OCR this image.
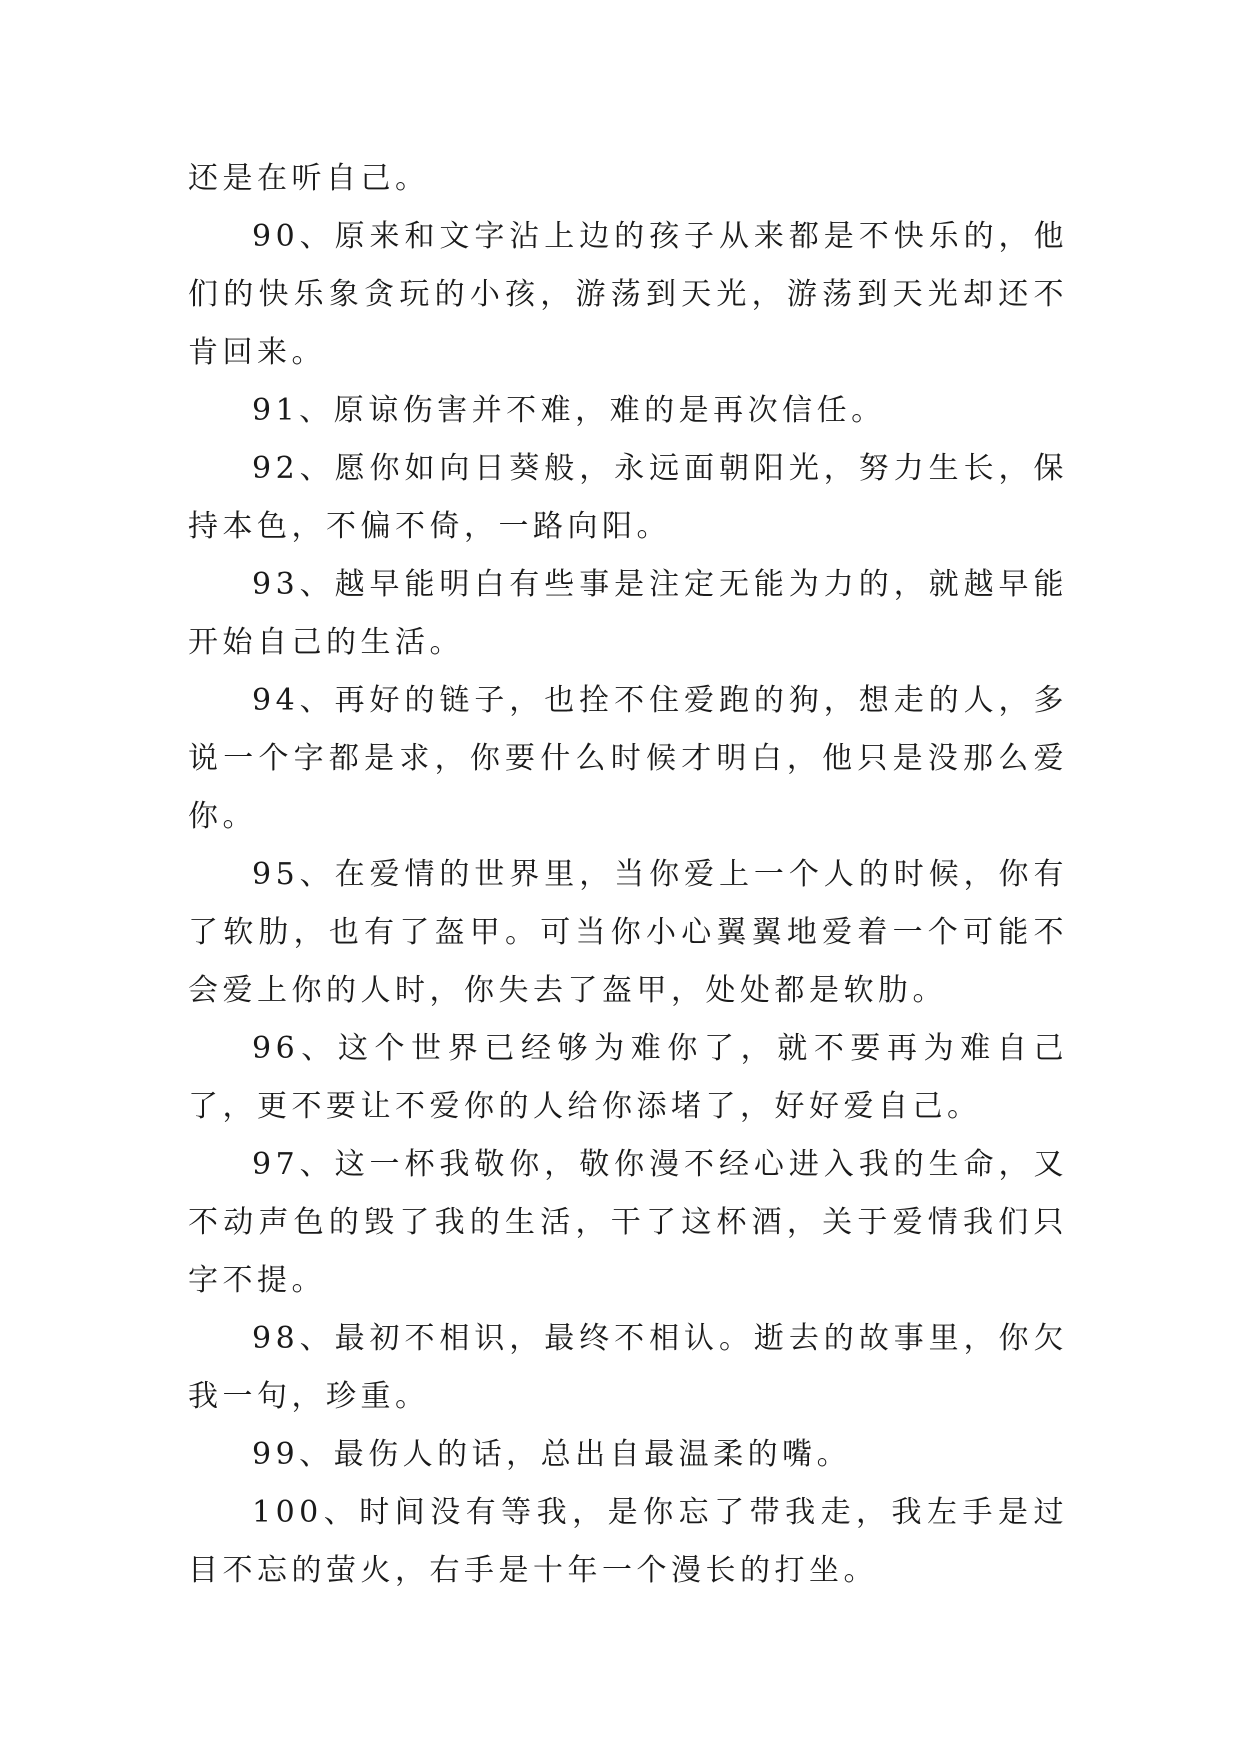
还是在听自己。

90、原来和文字沾上边的孩子从来都是不快乐的，他们的快乐象贪玩的小孩，游荡到天光，游荡到天光却还不肯回来。

91、原谅伤害并不难，难的是再次信任。

92、愿你如向日葵般，永远面朝阳光，努力生长，保持本色，不偏不倚，一路向阳。

93、越早能明白有些事是注定无能为力的，就越早能开始自己的生活。

94、再好的链子，也拴不住爱跑的狗，想走的人，多说一个字都是求，你要什么时候才明白，他只是没那么爱你。

95、在爱情的世界里，当你爱上一个人的时候，你有了软肋，也有了盔甲。可当你小心翼翼地爱着一个可能不会爱上你的人时，你失去了盔甲，处处都是软肋。

96、这个世界已经够为难你了，就不要再为难自己了，更不要让不爱你的人给你添堵了，好好爱自己。

97、这一杯我敬你，敬你漫不经心进入我的生命，又不动声色的毁了我的生活，干了这杯酒，关于爱情我们只字不提。

98、最初不相识，最终不相认。逝去的故事里，你欠我一句，珍重。

99、最伤人的话，总出自最温柔的嘴。

100、时间没有等我，是你忘了带我走，我左手是过目不忘的萤火，右手是十年一个漫长的打坐。
